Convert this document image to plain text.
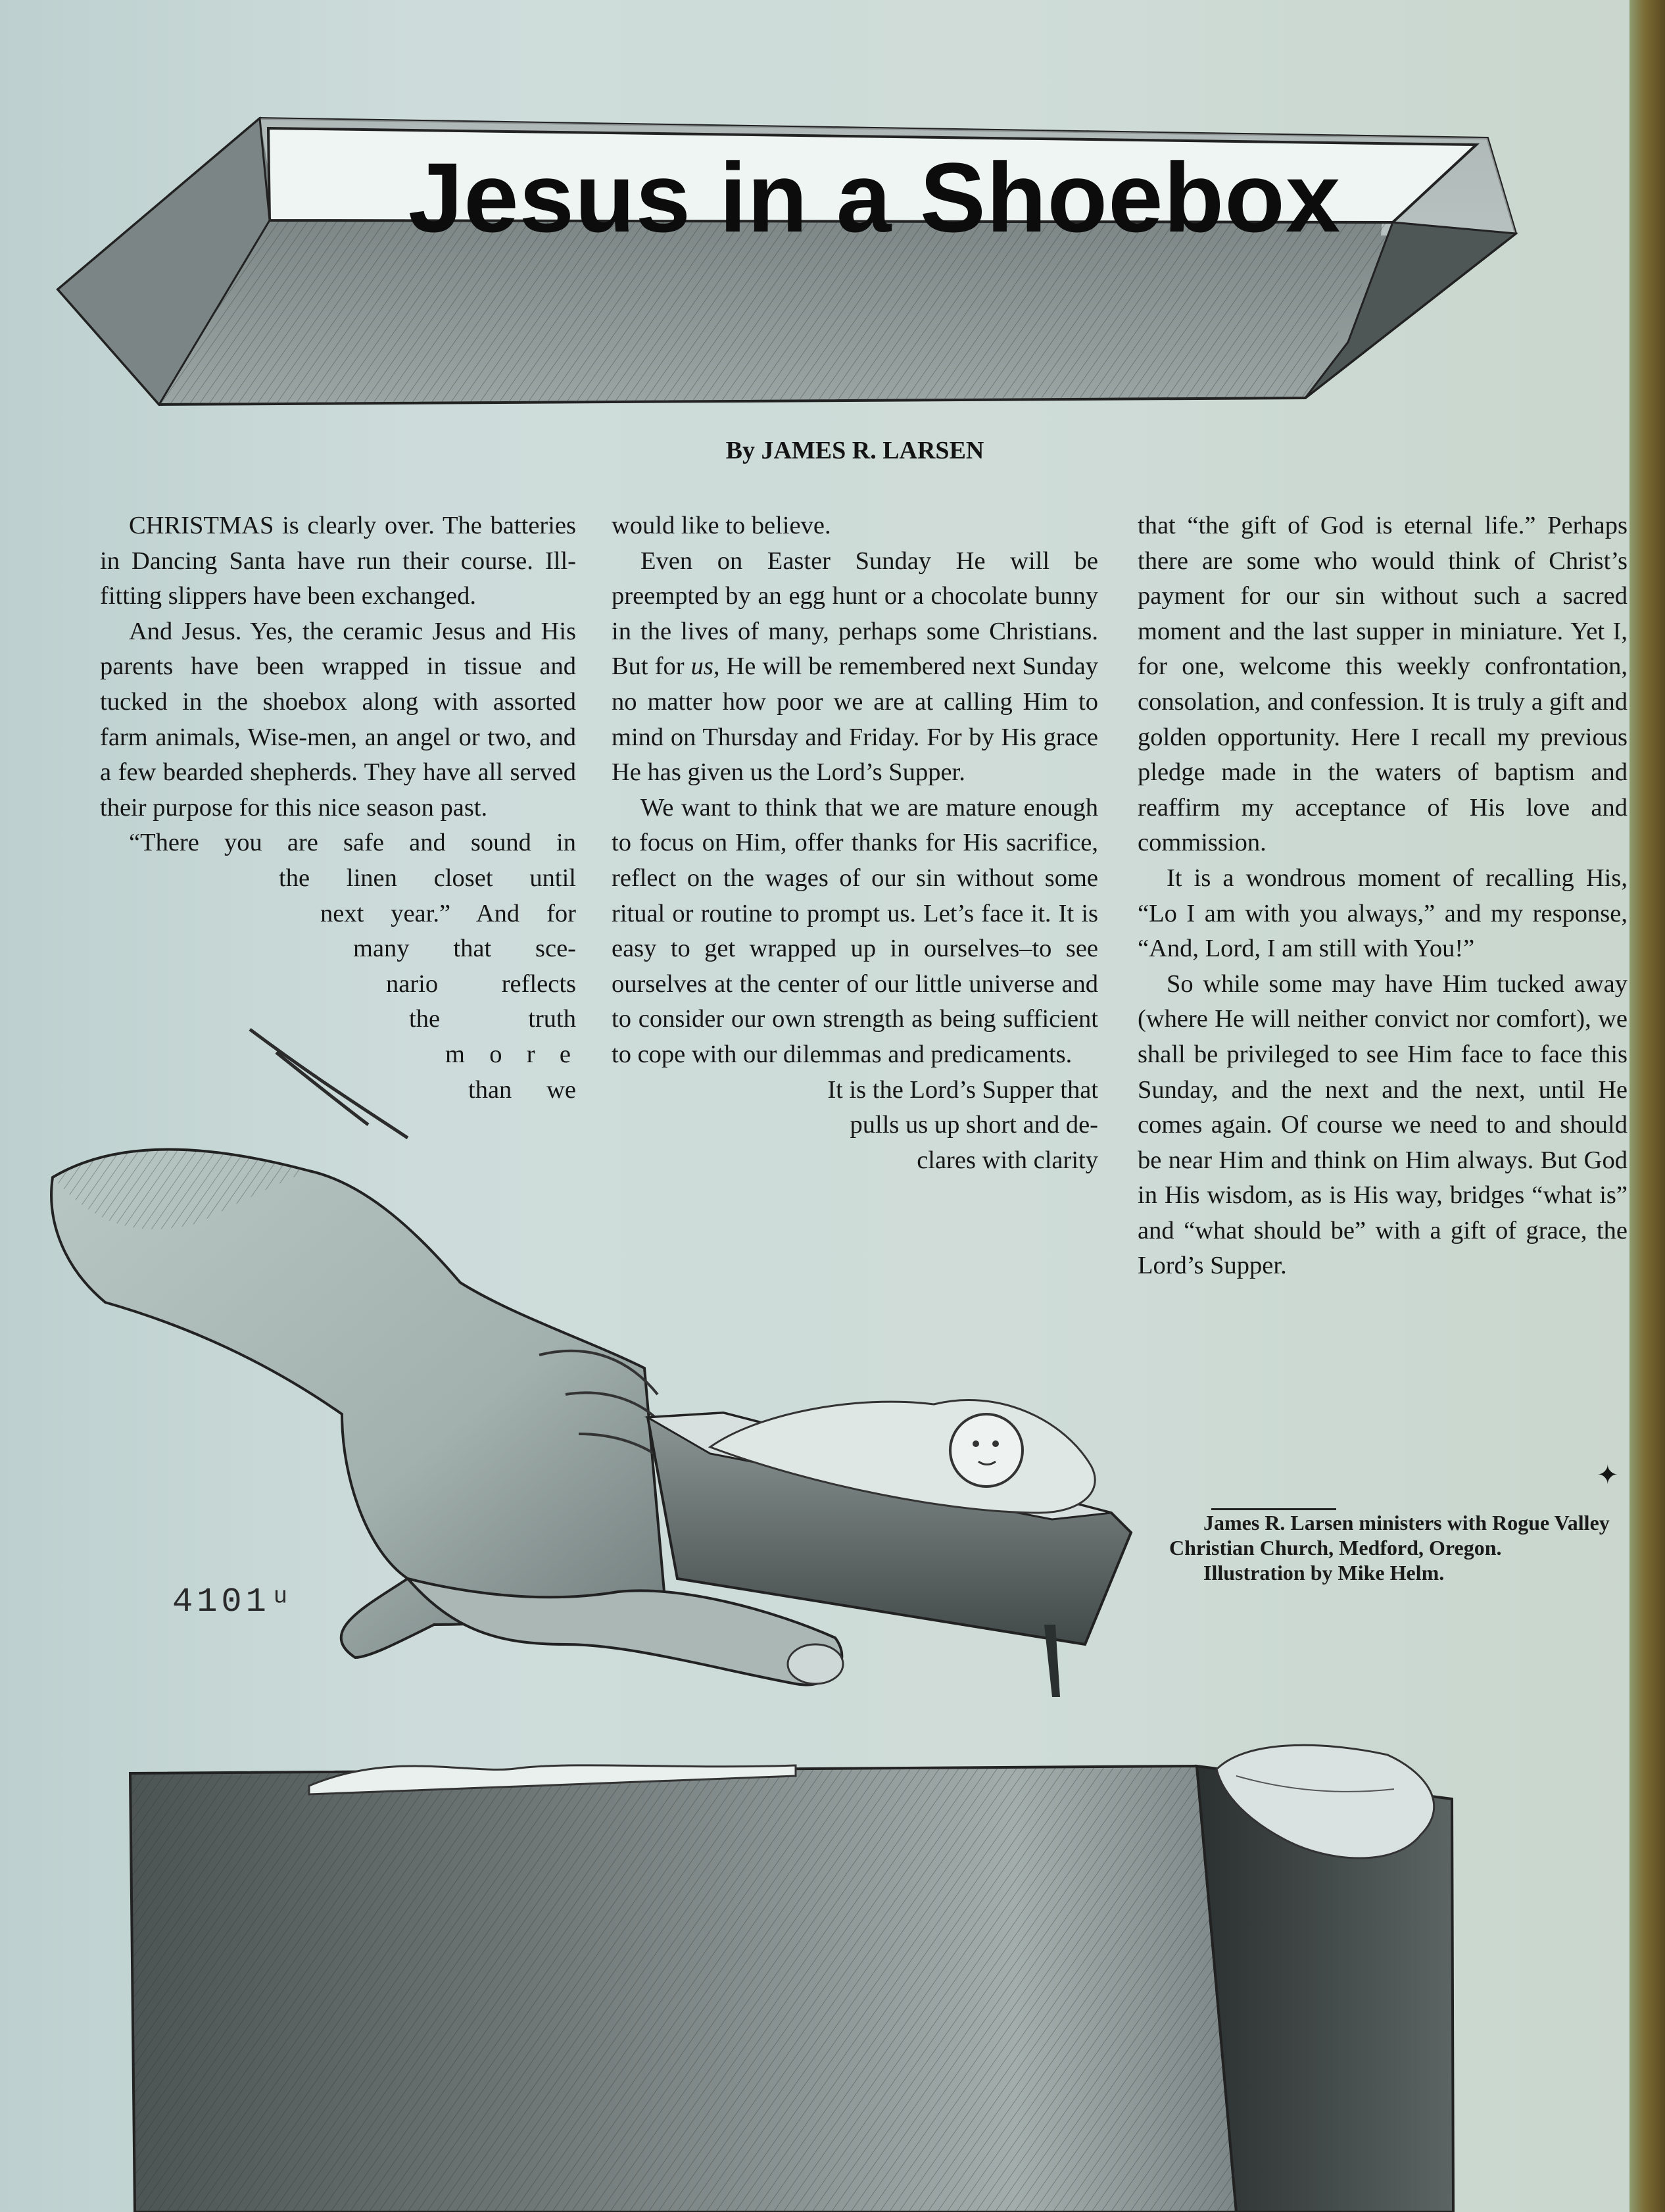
Jesus in a Shoebox
By JAMES R. LARSEN

CHRISTMAS is clearly over. The batteries in Dancing Santa have run their course. Ill-fitting slippers have been exchanged.

And Jesus. Yes, the ceramic Jesus and His parents have been wrapped in tissue and tucked in the shoebox along with assorted farm animals, Wise-men, an angel or two, and a few bearded shepherds. They have all served their purpose for this nice season past.

“There you are safe and sound in
the linen closet until
next year.” And for
many that sce-
nario reflects
the truth
m o r e
than we

would like to believe.

Even on Easter Sunday He will be preempted by an egg hunt or a chocolate bunny in the lives of many, perhaps some Christians. But for us, He will be remembered next Sunday no matter how poor we are at calling Him to mind on Thursday and Friday. For by His grace He has given us the Lord’s Supper.

We want to think that we are mature enough to focus on Him, offer thanks for His sacrifice, reflect on the wages of our sin without some ritual or routine to prompt us. Let’s face it. It is easy to get wrapped up in ourselves–to see ourselves at the center of our little universe and to consider our own strength as being sufficient to cope with our dilemmas and predicaments.

It is the Lord’s Supper that
pulls us up short and de-
clares with clarity

that “the gift of God is eternal life.” Perhaps there are some who would think of Christ’s payment for our sin without such a sacred moment and the last supper in miniature. Yet I, for one, welcome this weekly confrontation, consolation, and confession. It is truly a gift and golden opportunity. Here I recall my previous pledge made in the waters of baptism and reaffirm my acceptance of His love and commission.

It is a wondrous moment of recalling His, “Lo I am with you always,” and my response, “And, Lord, I am still with You!”

So while some may have Him tucked away (where He will neither convict nor comfort), we shall be privileged to see Him face to face this Sunday, and the next and the next, until He comes again. Of course we need to and should be near Him and think on Him always. But God in His wisdom, as is His way, bridges “what is” and “what should be” with a gift of grace, the Lord’s Supper.

✦

James R. Larsen ministers with Rogue Valley Christian Church, Medford, Oregon.

Illustration by Mike Helm.

4101ᵘ
